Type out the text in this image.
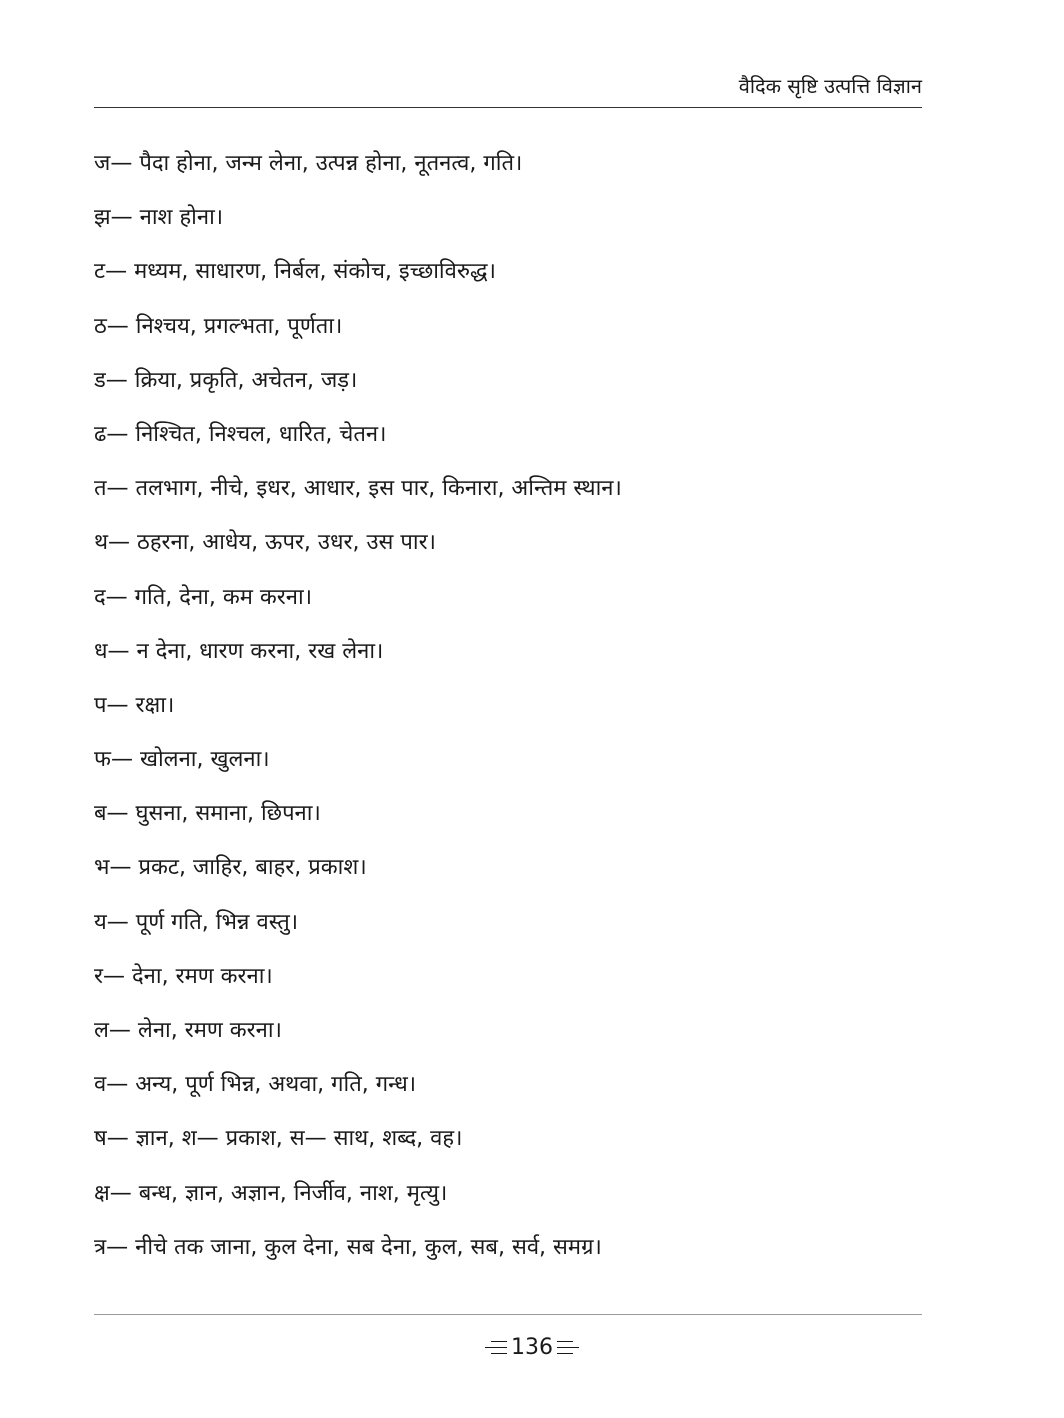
वैदिक सृष्टि उत्पत्ति विज्ञान
ज— पैदा होना, जन्म लेना, उत्पन्न होना, नूतनत्व, गति।
झ— नाश होना।
ट— मध्यम, साधारण, निर्बल, संकोच, इच्छाविरुद्ध।
ठ— निश्चय, प्रगल्भता, पूर्णता।
ड— क्रिया, प्रकृति, अचेतन, जड़।
ढ— निश्चित, निश्चल, धारित, चेतन।
त— तलभाग, नीचे, इधर, आधार, इस पार, किनारा, अन्तिम स्थान।
थ— ठहरना, आधेय, ऊपर, उधर, उस पार।
द— गति, देना, कम करना।
ध— न देना, धारण करना, रख लेना।
प— रक्षा।
फ— खोलना, खुलना।
ब— घुसना, समाना, छिपना।
भ— प्रकट, जाहिर, बाहर, प्रकाश।
य— पूर्ण गति, भिन्न वस्तु।
र— देना, रमण करना।
ल— लेना, रमण करना।
व— अन्य, पूर्ण भिन्न, अथवा, गति, गन्ध।
ष— ज्ञान, श— प्रकाश, स— साथ, शब्द, वह।
क्ष— बन्ध, ज्ञान, अज्ञान, निर्जीव, नाश, मृत्यु।
त्र— नीचे तक जाना, कुल देना, सब देना, कुल, सब, सर्व, समग्र।
136
